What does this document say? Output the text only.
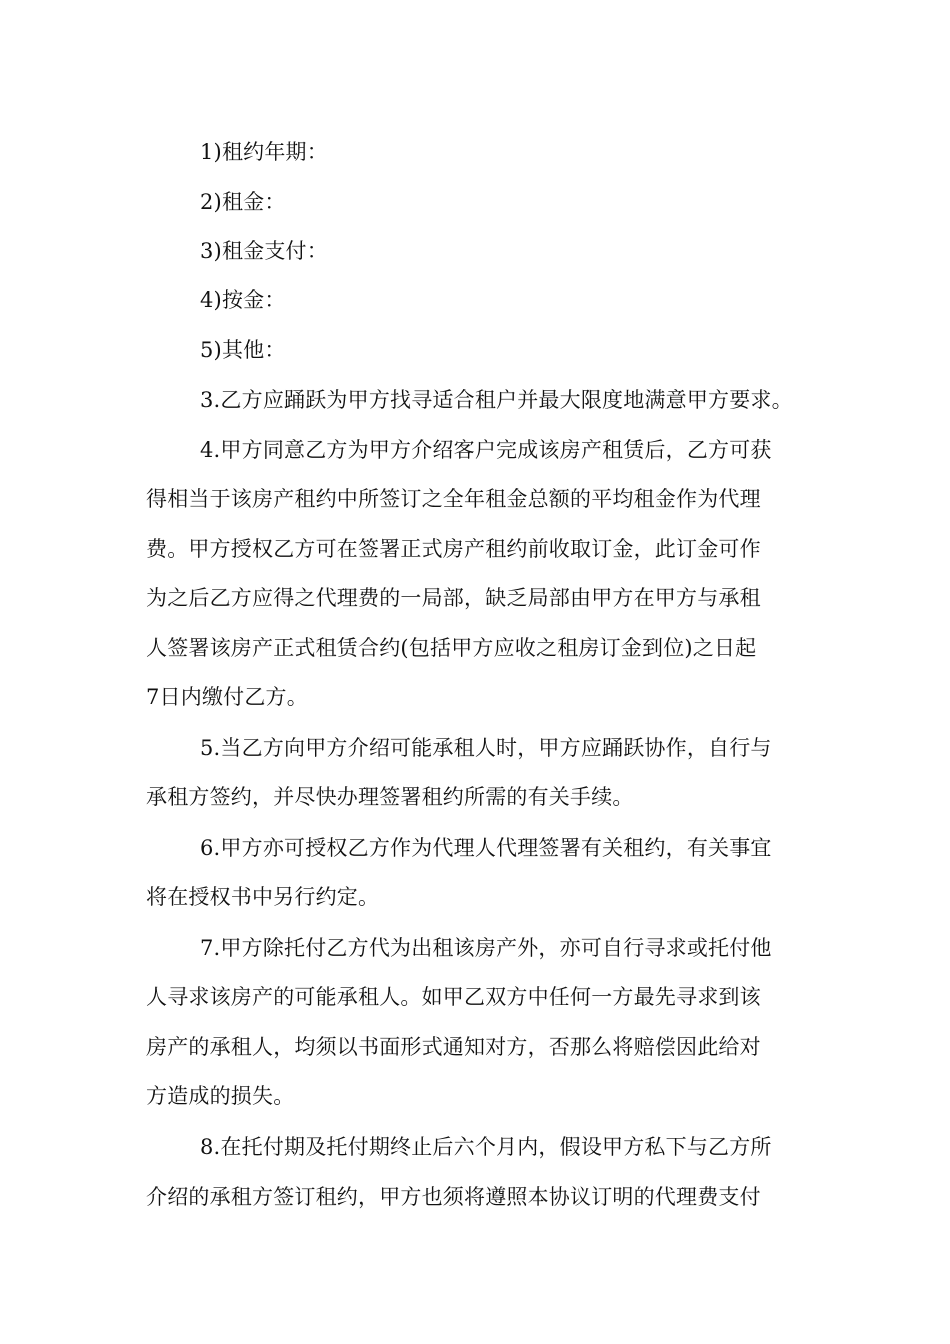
1)租约年期：
2)租金：
3)租金支付：
4)按金：
5)其他：
3.乙方应踊跃为甲方找寻适合租户并最大限度地满意甲方要求。
4.甲方同意乙方为甲方介绍客户完成该房产租赁后，乙方可获
得相当于该房产租约中所签订之全年租金总额的平均租金作为代理
费。甲方授权乙方可在签署正式房产租约前收取订金，此订金可作
为之后乙方应得之代理费的一局部，缺乏局部由甲方在甲方与承租
人签署该房产正式租赁合约(包括甲方应收之租房订金到位)之日起
7日内缴付乙方。
5.当乙方向甲方介绍可能承租人时，甲方应踊跃协作，自行与
承租方签约，并尽快办理签署租约所需的有关手续。
6.甲方亦可授权乙方作为代理人代理签署有关租约，有关事宜
将在授权书中另行约定。
7.甲方除托付乙方代为出租该房产外，亦可自行寻求或托付他
人寻求该房产的可能承租人。如甲乙双方中任何一方最先寻求到该
房产的承租人，均须以书面形式通知对方，否那么将赔偿因此给对
方造成的损失。
8.在托付期及托付期终止后六个月内，假设甲方私下与乙方所
介绍的承租方签订租约，甲方也须将遵照本协议订明的代理费支付
